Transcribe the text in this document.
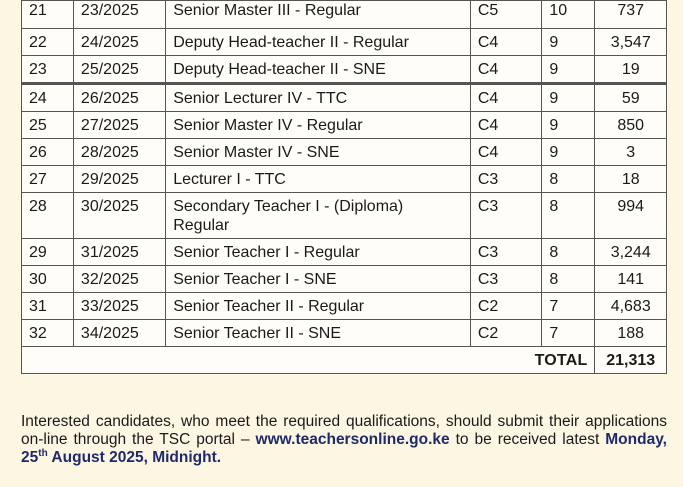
21	23/2025	Senior Master III - Regular	C5	10	737
22	24/2025	Deputy Head-teacher II - Regular	C4	9	3,547
23	25/2025	Deputy Head-teacher II - SNE	C4	9	19
24	26/2025	Senior Lecturer IV - TTC	C4	9	59
25	27/2025	Senior Master IV - Regular	C4	9	850
26	28/2025	Senior Master IV - SNE	C4	9	3
27	29/2025	Lecturer I - TTC	C3	8	18
28	30/2025	Secondary Teacher I - (Diploma) Regular	C3	8	994
29	31/2025	Senior Teacher I - Regular	C3	8	3,244
30	32/2025	Senior Teacher I - SNE	C3	8	141
31	33/2025	Senior Teacher II - Regular	C2	7	4,683
32	34/2025	Senior Teacher II - SNE	C2	7	188
TOTAL					21,313
Interested candidates, who meet the required qualifications, should submit their applications on-line through the TSC portal – www.teachersonline.go.ke to be received latest Monday, 25th August 2025, Midnight.
